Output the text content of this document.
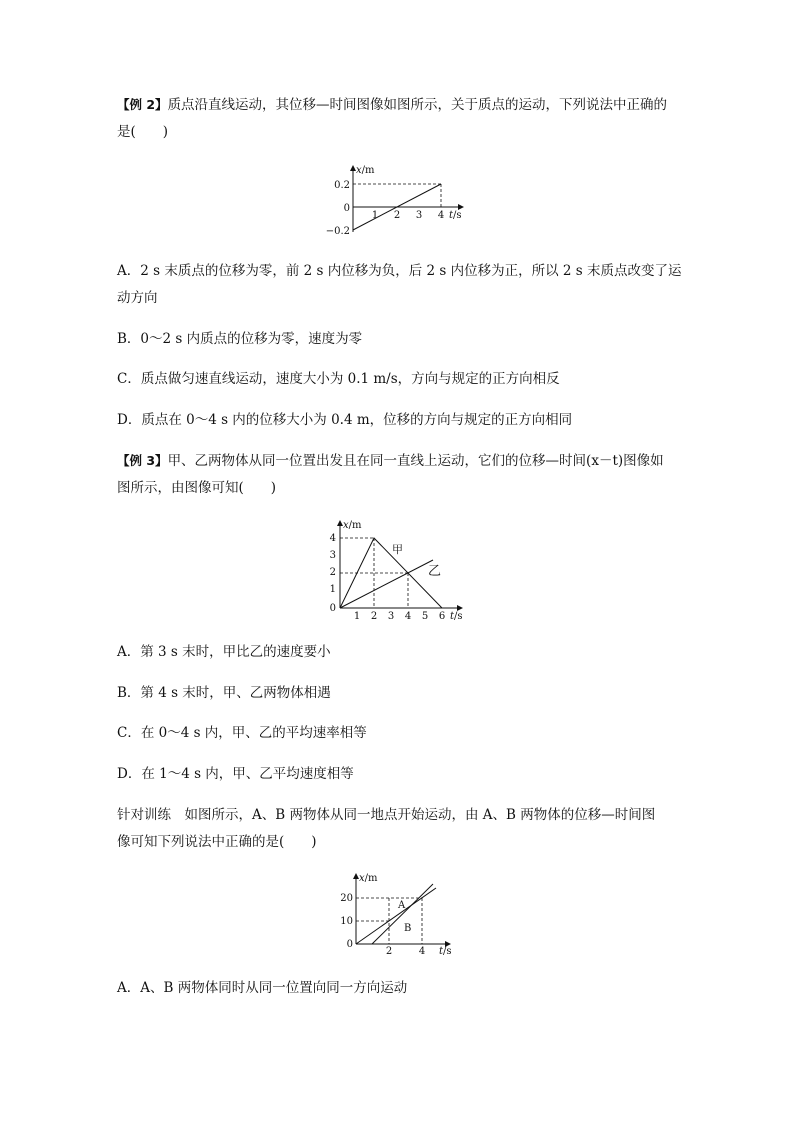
【例 2】质点沿直线运动，其位移—时间图像如图所示，关于质点的运动，下列说法中正确的
是(　　)
x/m
t/s
0.2
0
−0.2
1 2 3 4
A．2 s 末质点的位移为零，前 2 s 内位移为负，后 2 s 内位移为正，所以 2 s 末质点改变了运
动方向
B．0～2 s 内质点的位移为零，速度为零
C．质点做匀速直线运动，速度大小为 0.1 m/s，方向与规定的正方向相反
D．质点在 0～4 s 内的位移大小为 0.4 m，位移的方向与规定的正方向相同
【例 3】甲、乙两物体从同一位置出发且在同一直线上运动，它们的位移—时间(x－t)图像如
图所示，由图像可知(　　)
x/m
t/s
4
3
2
1
0
甲
乙
1 2 3 4 5 6
A．第 3 s 末时，甲比乙的速度要小
B．第 4 s 末时，甲、乙两物体相遇
C．在 0～4 s 内，甲、乙的平均速率相等
D．在 1～4 s 内，甲、乙平均速度相等
针对训练　如图所示，A、B 两物体从同一地点开始运动，由 A、B 两物体的位移—时间图
像可知下列说法中正确的是(　　)
x/m
t/s
20
10
0
A
B
2	4
A．A、B 两物体同时从同一位置向同一方向运动
